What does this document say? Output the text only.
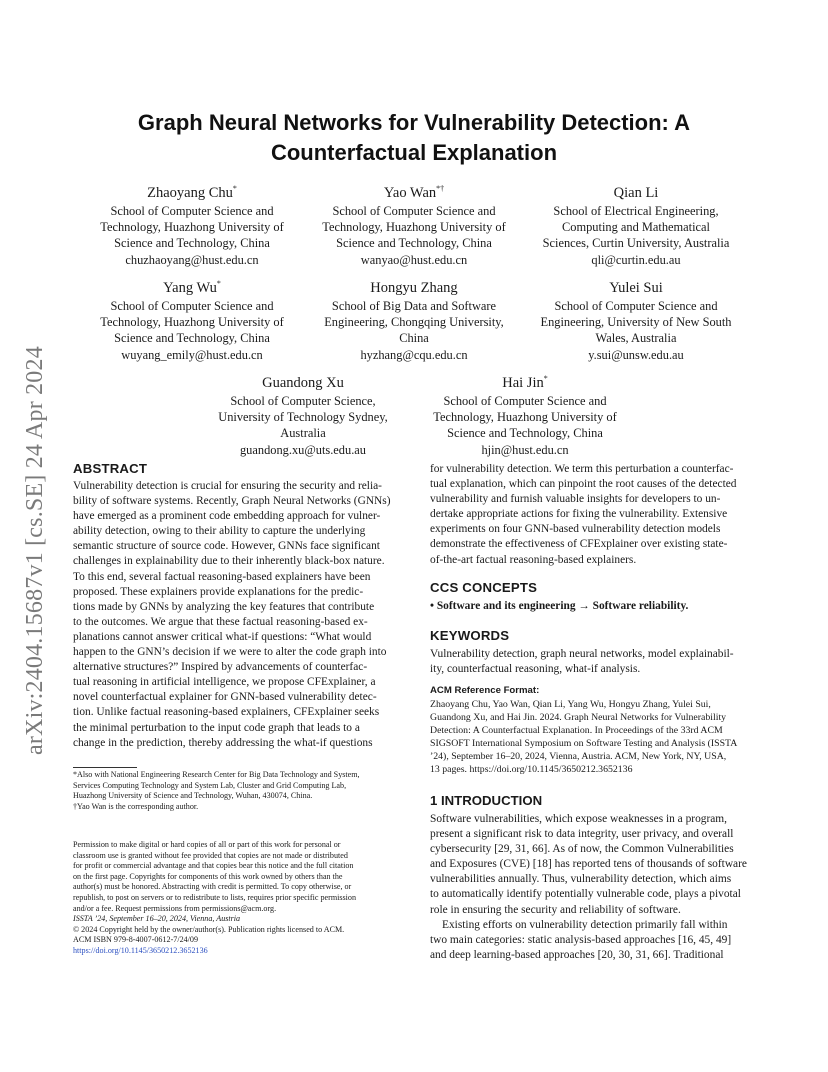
arXiv:2404.15687v1 [cs.SE] 24 Apr 2024
Graph Neural Networks for Vulnerability Detection: A
Counterfactual Explanation
Zhaoyang Chu*
School of Computer Science and
Technology, Huazhong University of
Science and Technology, China
chuzhaoyang@hust.edu.cn
Yao Wan*†
School of Computer Science and
Technology, Huazhong University of
Science and Technology, China
wanyao@hust.edu.cn
Qian Li
School of Electrical Engineering,
Computing and Mathematical
Sciences, Curtin University, Australia
qli@curtin.edu.au
Yang Wu*
School of Computer Science and
Technology, Huazhong University of
Science and Technology, China
wuyang_emily@hust.edu.cn
Hongyu Zhang
School of Big Data and Software
Engineering, Chongqing University,
China
hyzhang@cqu.edu.cn
Yulei Sui
School of Computer Science and
Engineering, University of New South
Wales, Australia
y.sui@unsw.edu.au
Guandong Xu
School of Computer Science,
University of Technology Sydney,
Australia
guandong.xu@uts.edu.au
Hai Jin*
School of Computer Science and
Technology, Huazhong University of
Science and Technology, China
hjin@hust.edu.cn
ABSTRACT
Vulnerability detection is crucial for ensuring the security and relia-
bility of software systems. Recently, Graph Neural Networks (GNNs)
have emerged as a prominent code embedding approach for vulner-
ability detection, owing to their ability to capture the underlying
semantic structure of source code. However, GNNs face significant
challenges in explainability due to their inherently black-box nature.
To this end, several factual reasoning-based explainers have been
proposed. These explainers provide explanations for the predic-
tions made by GNNs by analyzing the key features that contribute
to the outcomes. We argue that these factual reasoning-based ex-
planations cannot answer critical what-if questions: “What would
happen to the GNN’s decision if we were to alter the code graph into
alternative structures?” Inspired by advancements of counterfac-
tual reasoning in artificial intelligence, we propose CFExplainer, a
novel counterfactual explainer for GNN-based vulnerability detec-
tion. Unlike factual reasoning-based explainers, CFExplainer seeks
the minimal perturbation to the input code graph that leads to a
change in the prediction, thereby addressing the what-if questions
*Also with National Engineering Research Center for Big Data Technology and System,
Services Computing Technology and System Lab, Cluster and Grid Computing Lab,
Huazhong University of Science and Technology, Wuhan, 430074, China.
†Yao Wan is the corresponding author.
Permission to make digital or hard copies of all or part of this work for personal or
classroom use is granted without fee provided that copies are not made or distributed
for profit or commercial advantage and that copies bear this notice and the full citation
on the first page. Copyrights for components of this work owned by others than the
author(s) must be honored. Abstracting with credit is permitted. To copy otherwise, or
republish, to post on servers or to redistribute to lists, requires prior specific permission
and/or a fee. Request permissions from permissions@acm.org.
ISSTA ’24, September 16–20, 2024, Vienna, Austria
© 2024 Copyright held by the owner/author(s). Publication rights licensed to ACM.
ACM ISBN 979-8-4007-0612-7/24/09
https://doi.org/10.1145/3650212.3652136
for vulnerability detection. We term this perturbation a counterfac-
tual explanation, which can pinpoint the root causes of the detected
vulnerability and furnish valuable insights for developers to un-
dertake appropriate actions for fixing the vulnerability. Extensive
experiments on four GNN-based vulnerability detection models
demonstrate the effectiveness of CFExplainer over existing state-
of-the-art factual reasoning-based explainers.
CCS CONCEPTS
• Software and its engineering → Software reliability.
KEYWORDS
Vulnerability detection, graph neural networks, model explainabil-
ity, counterfactual reasoning, what-if analysis.
ACM Reference Format:
Zhaoyang Chu, Yao Wan, Qian Li, Yang Wu, Hongyu Zhang, Yulei Sui,
Guandong Xu, and Hai Jin. 2024. Graph Neural Networks for Vulnerability
Detection: A Counterfactual Explanation. In Proceedings of the 33rd ACM
SIGSOFT International Symposium on Software Testing and Analysis (ISSTA
’24), September 16–20, 2024, Vienna, Austria. ACM, New York, NY, USA,
13 pages. https://doi.org/10.1145/3650212.3652136
1 INTRODUCTION
Software vulnerabilities, which expose weaknesses in a program,
present a significant risk to data integrity, user privacy, and overall
cybersecurity [29, 31, 66]. As of now, the Common Vulnerabilities
and Exposures (CVE) [18] has reported tens of thousands of software
vulnerabilities annually. Thus, vulnerability detection, which aims
to automatically identify potentially vulnerable code, plays a pivotal
role in ensuring the security and reliability of software.
Existing efforts on vulnerability detection primarily fall within
two main categories: static analysis-based approaches [16, 45, 49]
and deep learning-based approaches [20, 30, 31, 66]. Traditional
